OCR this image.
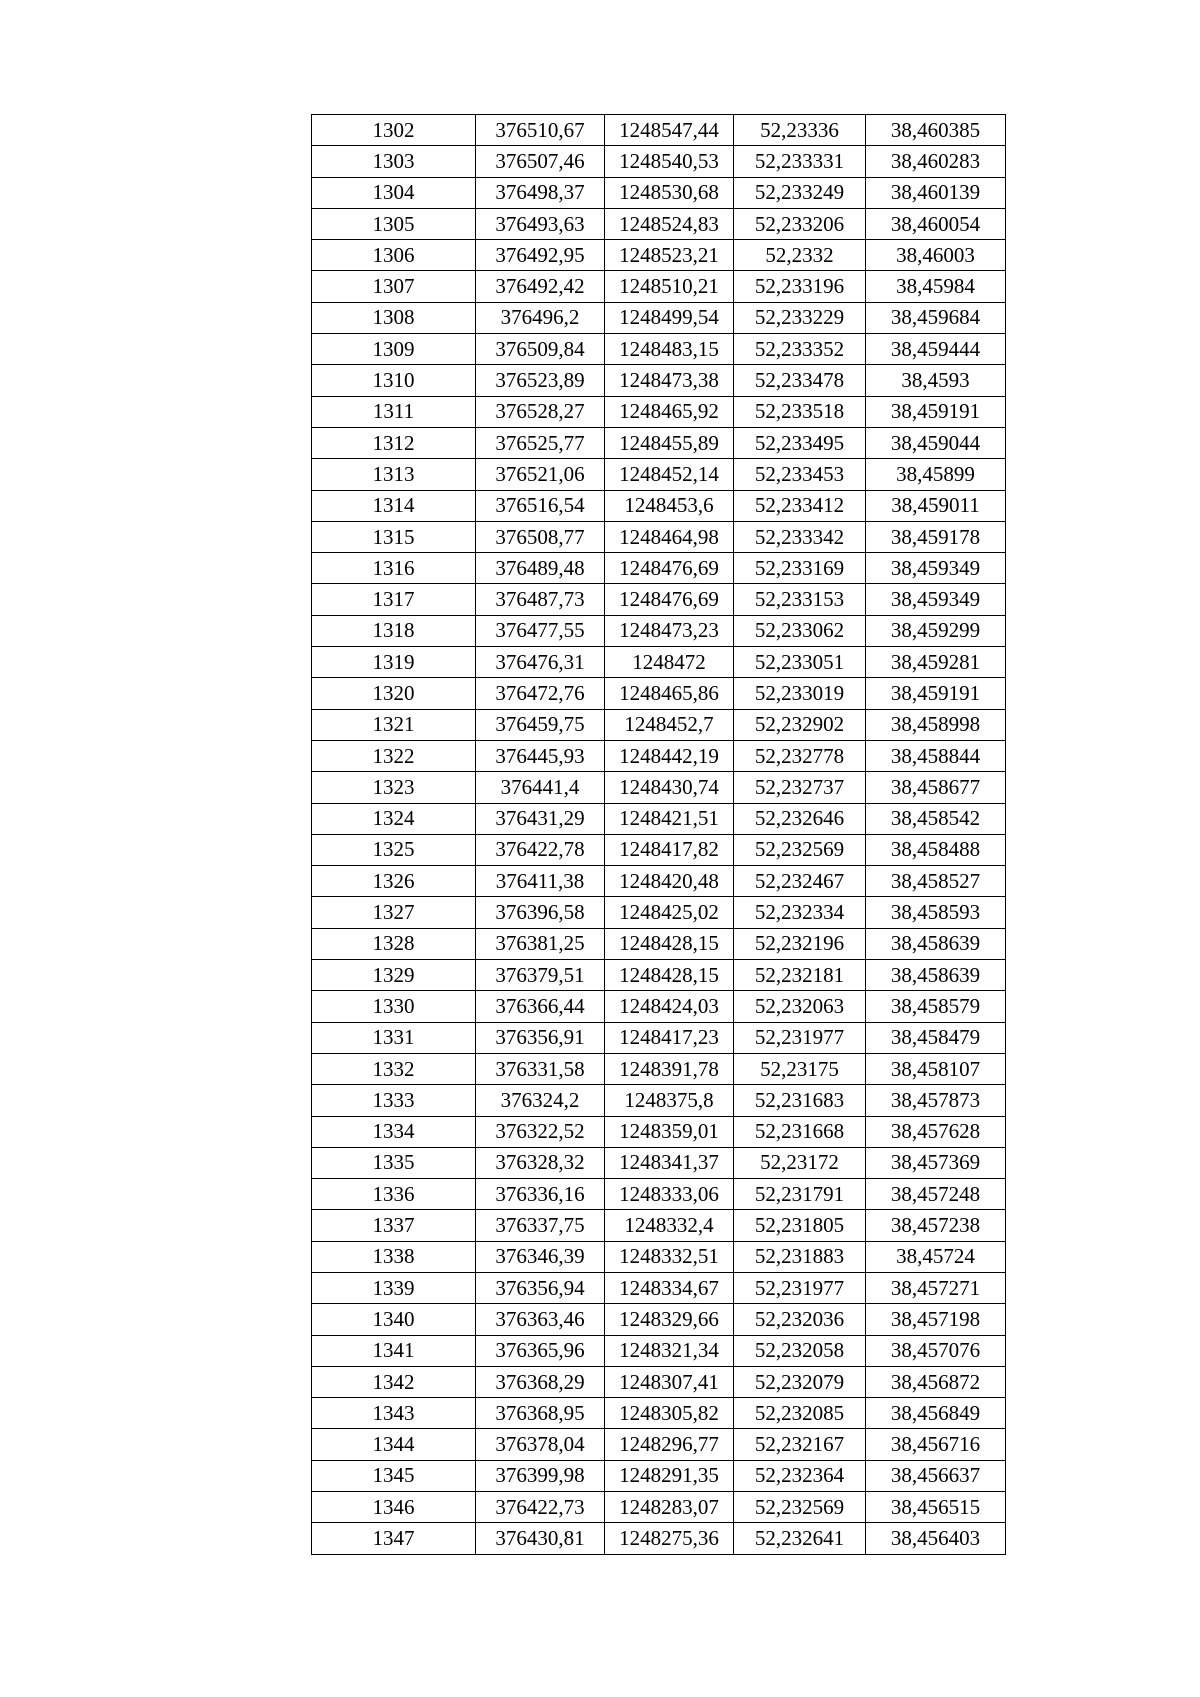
1302	376510,67	1248547,44	52,23336	38,460385
1303	376507,46	1248540,53	52,233331	38,460283
1304	376498,37	1248530,68	52,233249	38,460139
1305	376493,63	1248524,83	52,233206	38,460054
1306	376492,95	1248523,21	52,2332	38,46003
1307	376492,42	1248510,21	52,233196	38,45984
1308	376496,2	1248499,54	52,233229	38,459684
1309	376509,84	1248483,15	52,233352	38,459444
1310	376523,89	1248473,38	52,233478	38,4593
1311	376528,27	1248465,92	52,233518	38,459191
1312	376525,77	1248455,89	52,233495	38,459044
1313	376521,06	1248452,14	52,233453	38,45899
1314	376516,54	1248453,6	52,233412	38,459011
1315	376508,77	1248464,98	52,233342	38,459178
1316	376489,48	1248476,69	52,233169	38,459349
1317	376487,73	1248476,69	52,233153	38,459349
1318	376477,55	1248473,23	52,233062	38,459299
1319	376476,31	1248472	52,233051	38,459281
1320	376472,76	1248465,86	52,233019	38,459191
1321	376459,75	1248452,7	52,232902	38,458998
1322	376445,93	1248442,19	52,232778	38,458844
1323	376441,4	1248430,74	52,232737	38,458677
1324	376431,29	1248421,51	52,232646	38,458542
1325	376422,78	1248417,82	52,232569	38,458488
1326	376411,38	1248420,48	52,232467	38,458527
1327	376396,58	1248425,02	52,232334	38,458593
1328	376381,25	1248428,15	52,232196	38,458639
1329	376379,51	1248428,15	52,232181	38,458639
1330	376366,44	1248424,03	52,232063	38,458579
1331	376356,91	1248417,23	52,231977	38,458479
1332	376331,58	1248391,78	52,23175	38,458107
1333	376324,2	1248375,8	52,231683	38,457873
1334	376322,52	1248359,01	52,231668	38,457628
1335	376328,32	1248341,37	52,23172	38,457369
1336	376336,16	1248333,06	52,231791	38,457248
1337	376337,75	1248332,4	52,231805	38,457238
1338	376346,39	1248332,51	52,231883	38,45724
1339	376356,94	1248334,67	52,231977	38,457271
1340	376363,46	1248329,66	52,232036	38,457198
1341	376365,96	1248321,34	52,232058	38,457076
1342	376368,29	1248307,41	52,232079	38,456872
1343	376368,95	1248305,82	52,232085	38,456849
1344	376378,04	1248296,77	52,232167	38,456716
1345	376399,98	1248291,35	52,232364	38,456637
1346	376422,73	1248283,07	52,232569	38,456515
1347	376430,81	1248275,36	52,232641	38,456403
